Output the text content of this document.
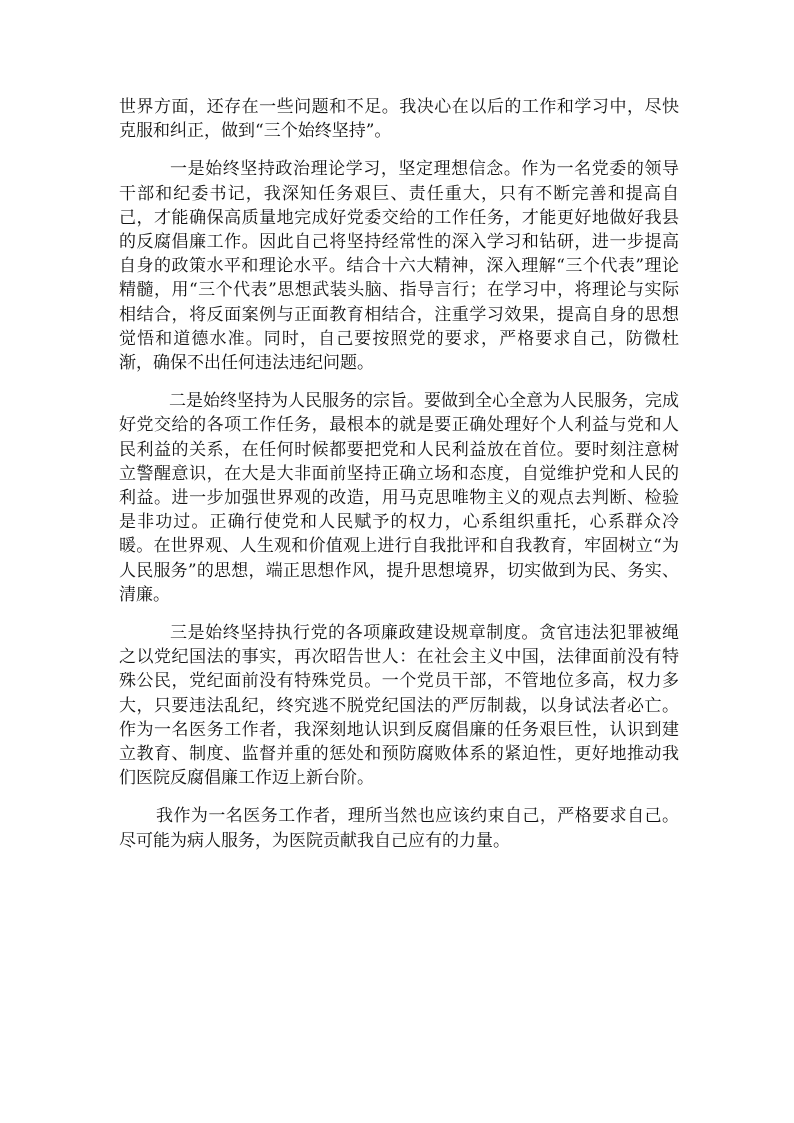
世界方面，还存在一些问题和不足。我决心在以后的工作和学习中，尽快克服和纠正，做到“三个始终坚持”。

一是始终坚持政治理论学习，坚定理想信念。作为一名党委的领导干部和纪委书记，我深知任务艰巨、责任重大，只有不断完善和提高自己，才能确保高质量地完成好党委交给的工作任务，才能更好地做好我县的反腐倡廉工作。因此自己将坚持经常性的深入学习和钻研，进一步提高自身的政策水平和理论水平。结合十六大精神，深入理解“三个代表”理论精髓，用“三个代表”思想武装头脑、指导言行；在学习中，将理论与实际相结合，将反面案例与正面教育相结合，注重学习效果，提高自身的思想觉悟和道德水准。同时，自己要按照党的要求，严格要求自己，防微杜渐，确保不出任何违法违纪问题。

二是始终坚持为人民服务的宗旨。要做到全心全意为人民服务，完成好党交给的各项工作任务，最根本的就是要正确处理好个人利益与党和人民利益的关系，在任何时候都要把党和人民利益放在首位。要时刻注意树立警醒意识，在大是大非面前坚持正确立场和态度，自觉维护党和人民的利益。进一步加强世界观的改造，用马克思唯物主义的观点去判断、检验是非功过。正确行使党和人民赋予的权力，心系组织重托，心系群众冷暖。在世界观、人生观和价值观上进行自我批评和自我教育，牢固树立“为人民服务”的思想，端正思想作风，提升思想境界，切实做到为民、务实、清廉。

三是始终坚持执行党的各项廉政建设规章制度。贪官违法犯罪被绳之以党纪国法的事实，再次昭告世人：在社会主义中国，法律面前没有特殊公民，党纪面前没有特殊党员。一个党员干部，不管地位多高，权力多大，只要违法乱纪，终究逃不脱党纪国法的严厉制裁，以身试法者必亡。作为一名医务工作者，我深刻地认识到反腐倡廉的任务艰巨性，认识到建立教育、制度、监督并重的惩处和预防腐败体系的紧迫性，更好地推动我们医院反腐倡廉工作迈上新台阶。

我作为一名医务工作者，理所当然也应该约束自己，严格要求自己。尽可能为病人服务，为医院贡献我自己应有的力量。
